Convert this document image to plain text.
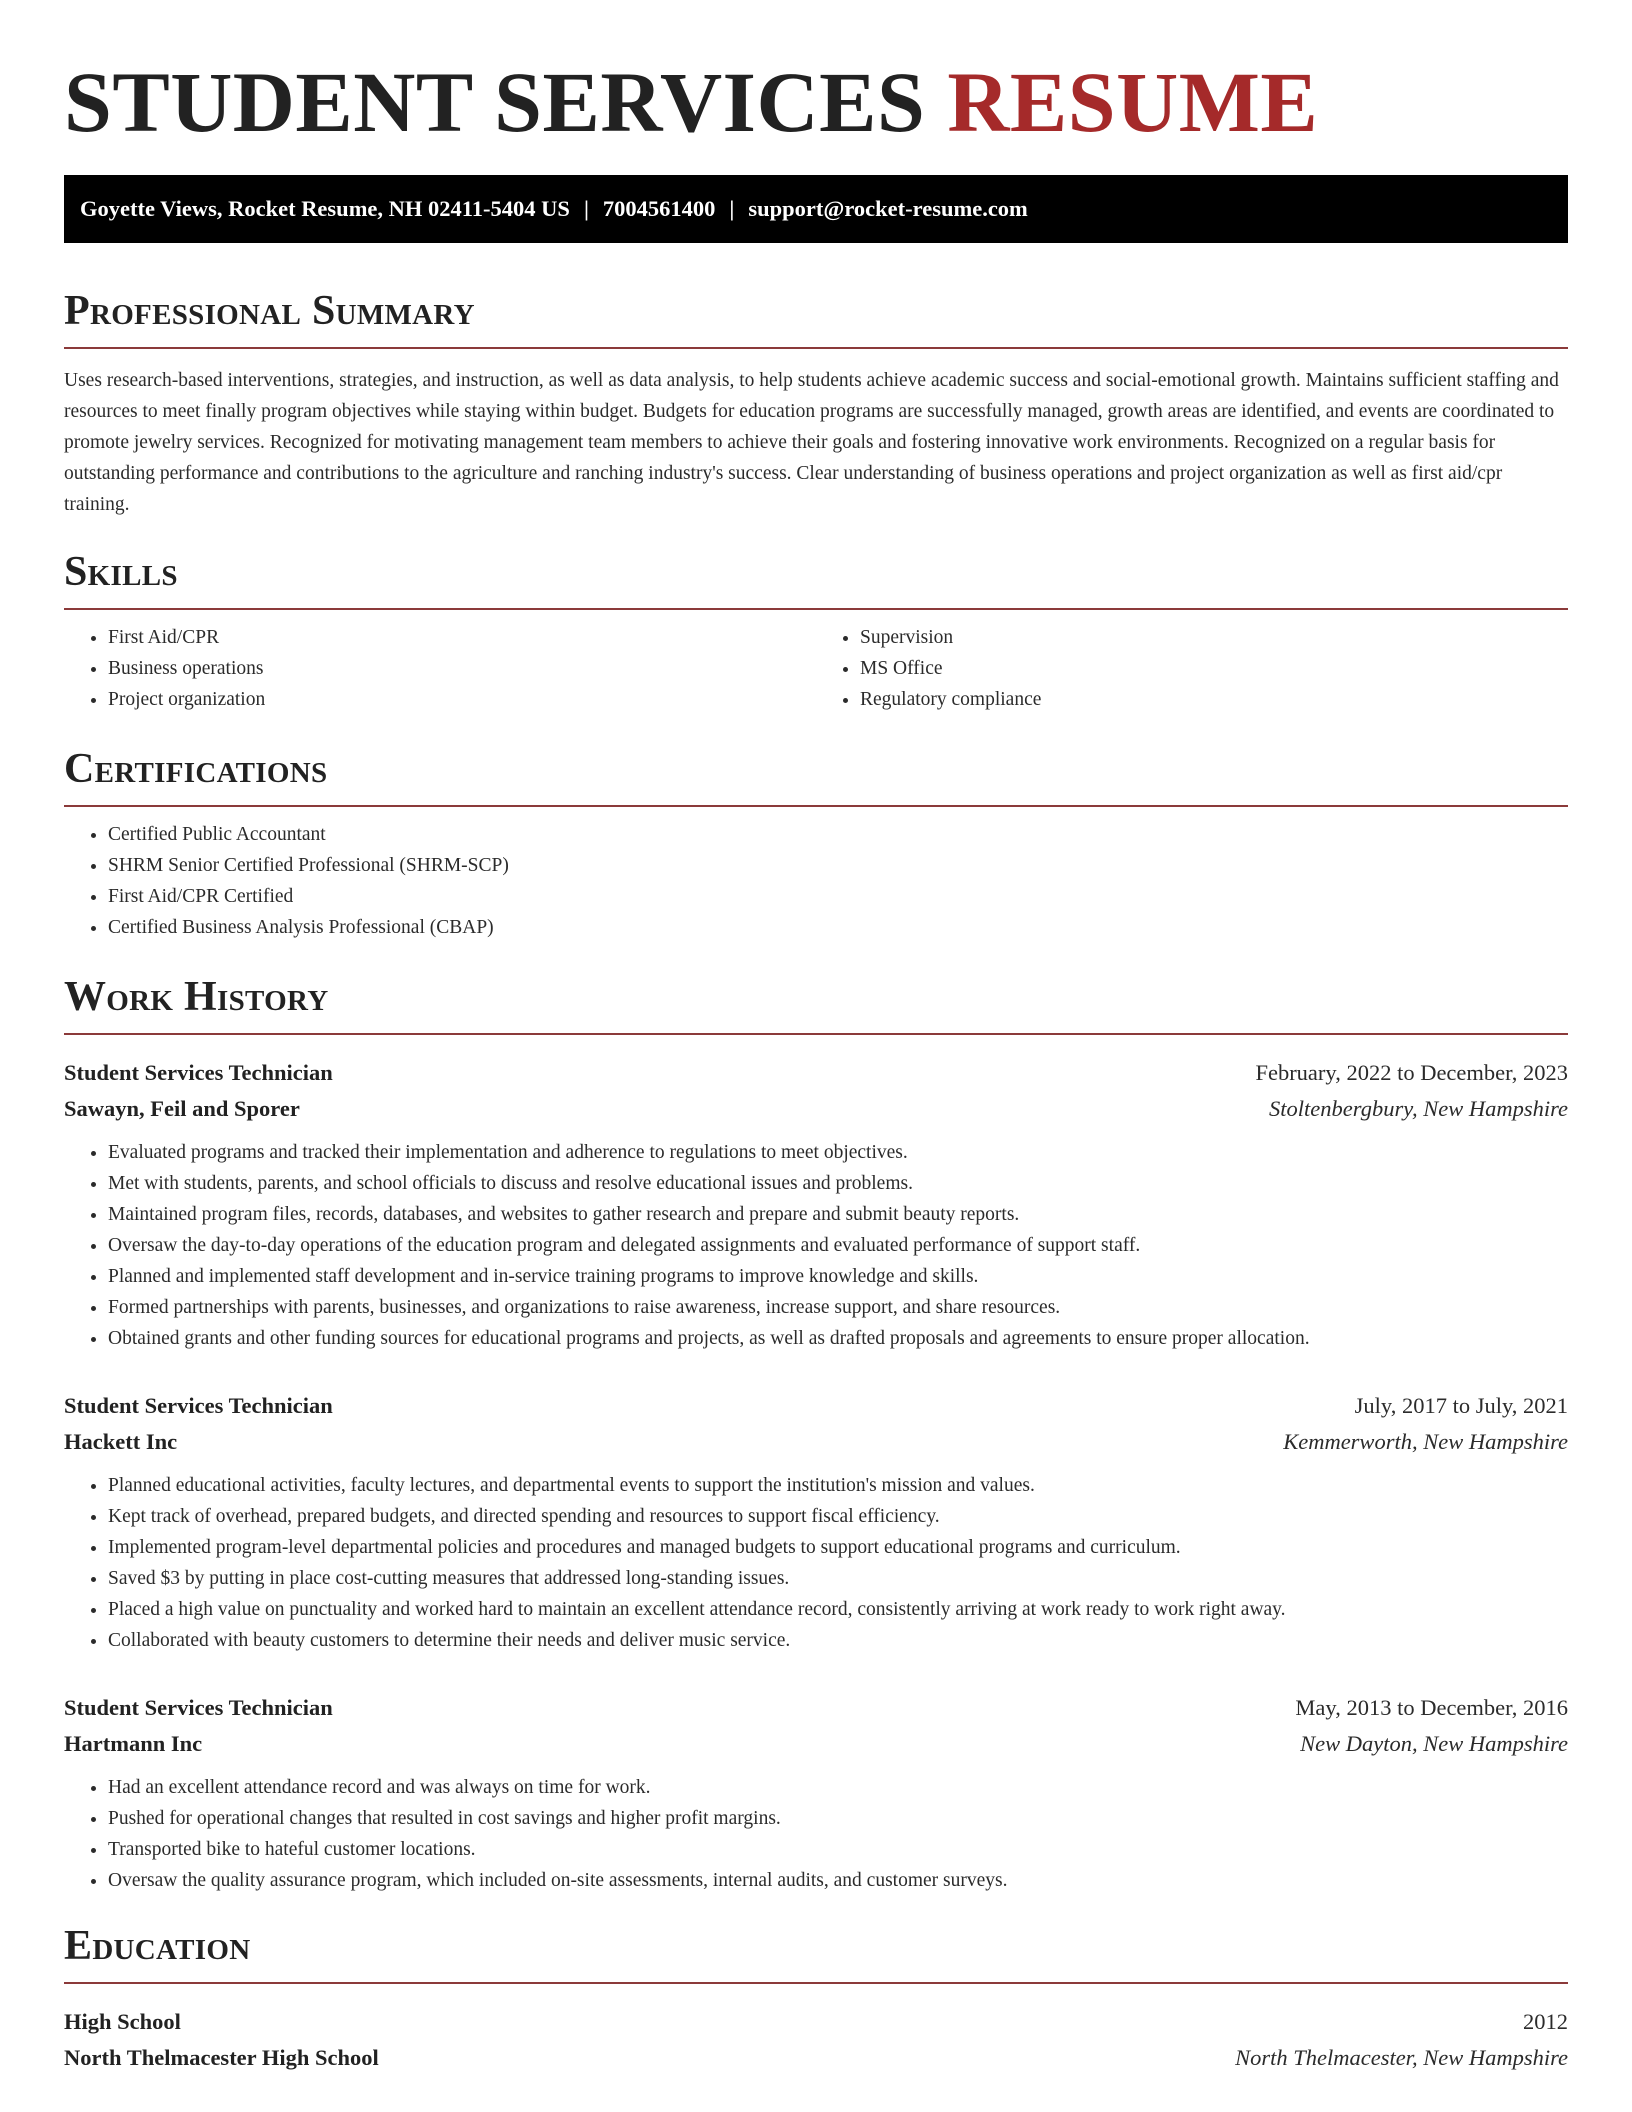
STUDENT SERVICES RESUME
Goyette Views, Rocket Resume, NH 02411-5404 US | 7004561400 | support@rocket-resume.com
Professional Summary

Uses research-based interventions, strategies, and instruction, as well as data analysis, to help students achieve academic success and social-emotional growth. Maintains sufficient staffing and resources to meet finally program objectives while staying within budget. Budgets for education programs are successfully managed, growth areas are identified, and events are coordinated to promote jewelry services. Recognized for motivating management team members to achieve their goals and fostering innovative work environments. Recognized on a regular basis for outstanding performance and contributions to the agriculture and ranching industry's success. Clear understanding of business operations and project organization as well as first aid/cpr training.

Skills
• First Aid/CPR
• Business operations
• Project organization
• Supervision
• MS Office
• Regulatory compliance
Certifications
• Certified Public Accountant
• SHRM Senior Certified Professional (SHRM-SCP)
• First Aid/CPR Certified
• Certified Business Analysis Professional (CBAP)
Work History
Student Services Technician	February, 2022 to December, 2023
Sawayn, Feil and Sporer	Stoltenbergbury, New Hampshire
• Evaluated programs and tracked their implementation and adherence to regulations to meet objectives.
• Met with students, parents, and school officials to discuss and resolve educational issues and problems.
• Maintained program files, records, databases, and websites to gather research and prepare and submit beauty reports.
• Oversaw the day-to-day operations of the education program and delegated assignments and evaluated performance of support staff.
• Planned and implemented staff development and in-service training programs to improve knowledge and skills.
• Formed partnerships with parents, businesses, and organizations to raise awareness, increase support, and share resources.
• Obtained grants and other funding sources for educational programs and projects, as well as drafted proposals and agreements to ensure proper allocation.
Student Services Technician	July, 2017 to July, 2021
Hackett Inc	Kemmerworth, New Hampshire
• Planned educational activities, faculty lectures, and departmental events to support the institution's mission and values.
• Kept track of overhead, prepared budgets, and directed spending and resources to support fiscal efficiency.
• Implemented program-level departmental policies and procedures and managed budgets to support educational programs and curriculum.
• Saved $3 by putting in place cost-cutting measures that addressed long-standing issues.
• Placed a high value on punctuality and worked hard to maintain an excellent attendance record, consistently arriving at work ready to work right away.
• Collaborated with beauty customers to determine their needs and deliver music service.
Student Services Technician	May, 2013 to December, 2016
Hartmann Inc	New Dayton, New Hampshire
• Had an excellent attendance record and was always on time for work.
• Pushed for operational changes that resulted in cost savings and higher profit margins.
• Transported bike to hateful customer locations.
• Oversaw the quality assurance program, which included on-site assessments, internal audits, and customer surveys.
Education
High School	2012
North Thelmacester High School	North Thelmacester, New Hampshire
